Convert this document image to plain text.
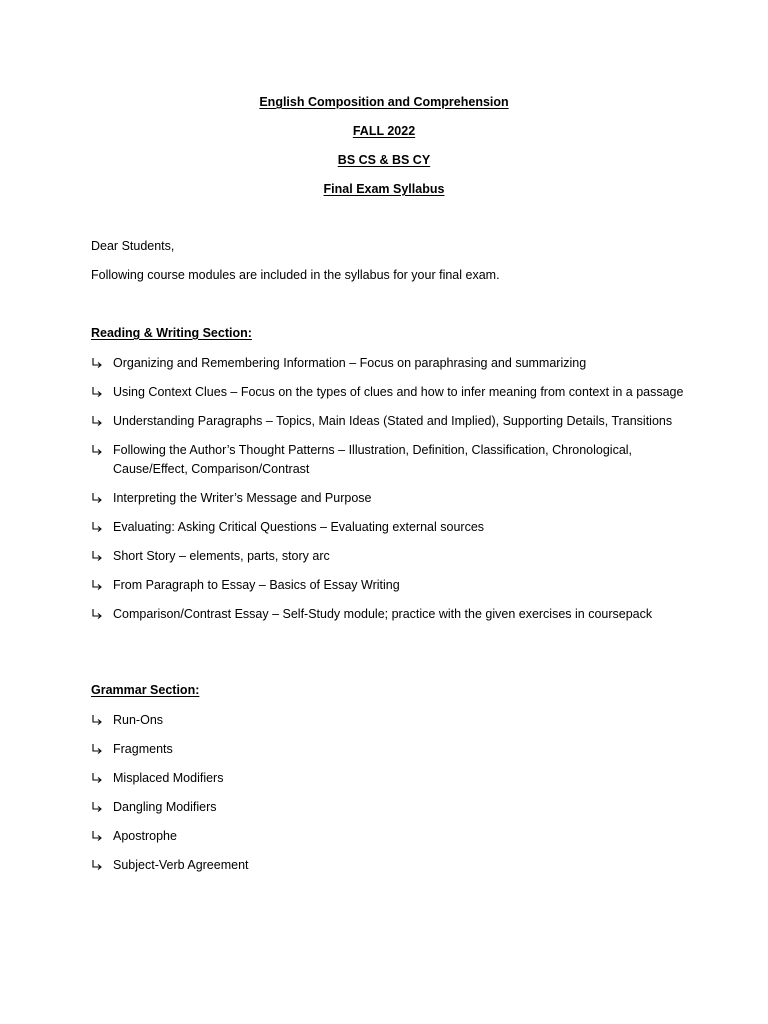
English Composition and Comprehension
FALL 2022
BS CS & BS CY
Final Exam Syllabus
Dear Students,
Following course modules are included in the syllabus for your final exam.
Reading & Writing Section:
Organizing and Remembering Information – Focus on paraphrasing and summarizing
Using Context Clues – Focus on the types of clues and how to infer meaning from context in a passage
Understanding Paragraphs – Topics, Main Ideas (Stated and Implied), Supporting Details, Transitions
Following the Author’s Thought Patterns – Illustration, Definition, Classification, Chronological, Cause/Effect, Comparison/Contrast
Interpreting the Writer’s Message and Purpose
Evaluating: Asking Critical Questions – Evaluating external sources
Short Story – elements, parts, story arc
From Paragraph to Essay – Basics of Essay Writing
Comparison/Contrast Essay – Self-Study module; practice with the given exercises in coursepack
Grammar Section:
Run-Ons
Fragments
Misplaced Modifiers
Dangling Modifiers
Apostrophe
Subject-Verb Agreement
